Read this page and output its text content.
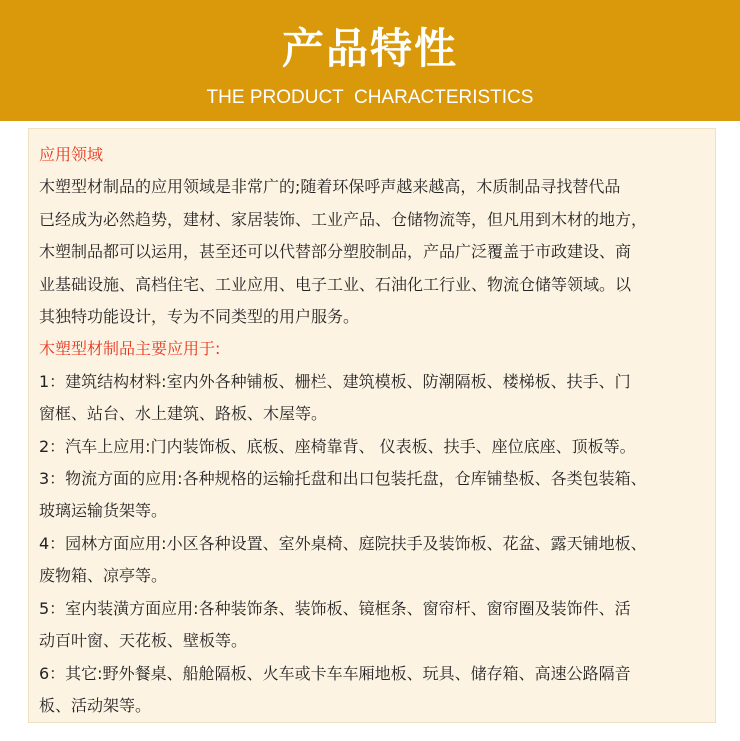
产品特性
THE PRODUCT  CHARACTERISTICS

应用领域

木塑型材制品的应用领域是非常广的;随着环保呼声越来越高，木质制品寻找替代品

已经成为必然趋势，建材、家居装饰、工业产品、仓储物流等，但凡用到木材的地方，

木塑制品都可以运用，甚至还可以代替部分塑胶制品，产品广泛覆盖于市政建设、商

业基础设施、高档住宅、工业应用、电子工业、石油化工行业、物流仓储等领域。以

其独特功能设计，专为不同类型的用户服务。

木塑型材制品主要应用于:

1：建筑结构材料:室内外各种铺板、栅栏、建筑模板、防潮隔板、楼梯板、扶手、门

窗框、站台、水上建筑、路板、木屋等。

2：汽车上应用:门内装饰板、底板、座椅靠背、 仪表板、扶手、座位底座、顶板等。

3：物流方面的应用:各种规格的运输托盘和出口包装托盘，仓库铺垫板、各类包装箱、

玻璃运输货架等。

4：园林方面应用:小区各种设置、室外桌椅、庭院扶手及装饰板、花盆、露天铺地板、

废物箱、凉亭等。

5：室内装潢方面应用:各种装饰条、装饰板、镜框条、窗帘杆、窗帘圈及装饰件、活

动百叶窗、天花板、壁板等。

6：其它:野外餐桌、船舱隔板、火车或卡车车厢地板、玩具、储存箱、高速公路隔音

板、活动架等。
